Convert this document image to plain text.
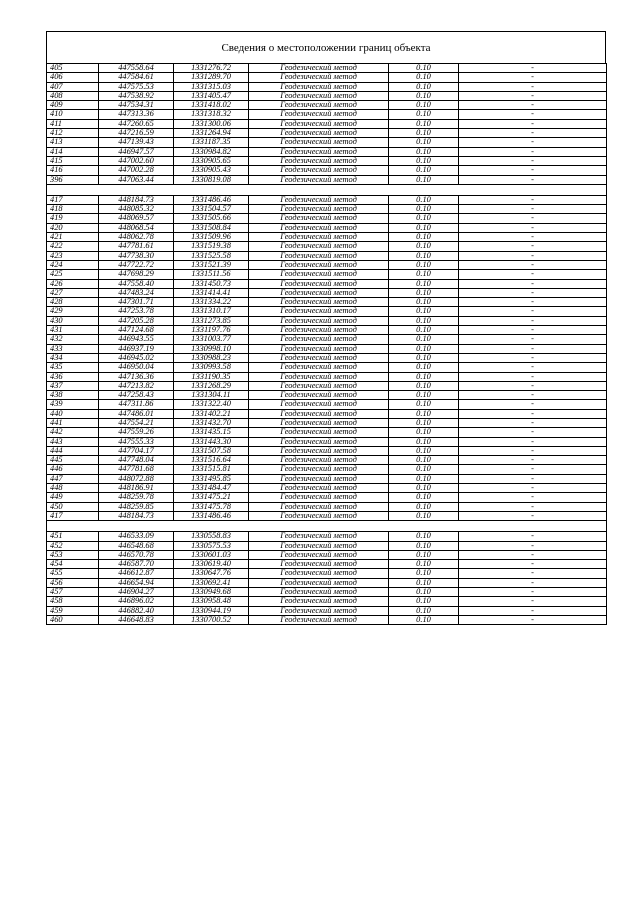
Сведения о местоположении границ объекта
405	447558.64	1331276.72	Геодезический метод	0.10	-
406	447584.61	1331289.70	Геодезический метод	0.10	-
407	447575.53	1331315.03	Геодезический метод	0.10	-
408	447538.92	1331405.47	Геодезический метод	0.10	-
409	447534.31	1331418.02	Геодезический метод	0.10	-
410	447313.36	1331318.32	Геодезический метод	0.10	-
411	447260.65	1331300.06	Геодезический метод	0.10	-
412	447216.59	1331264.94	Геодезический метод	0.10	-
413	447139.43	1331187.35	Геодезический метод	0.10	-
414	446947.57	1330984.82	Геодезический метод	0.10	-
415	447002.60	1330905.65	Геодезический метод	0.10	-
416	447002.28	1330905.43	Геодезический метод	0.10	-
396	447063.44	1330819.08	Геодезический метод	0.10	-

417	448184.73	1331486.46	Геодезический метод	0.10	-
418	448085.32	1331504.57	Геодезический метод	0.10	-
419	448069.57	1331505.66	Геодезический метод	0.10	-
420	448068.54	1331508.84	Геодезический метод	0.10	-
421	448062.78	1331509.96	Геодезический метод	0.10	-
422	447781.61	1331519.38	Геодезический метод	0.10	-
423	447738.30	1331525.58	Геодезический метод	0.10	-
424	447722.72	1331521.39	Геодезический метод	0.10	-
425	447698.29	1331511.56	Геодезический метод	0.10	-
426	447558.40	1331450.73	Геодезический метод	0.10	-
427	447483.24	1331414.41	Геодезический метод	0.10	-
428	447301.71	1331334.22	Геодезический метод	0.10	-
429	447253.78	1331310.17	Геодезический метод	0.10	-
430	447205.28	1331273.85	Геодезический метод	0.10	-
431	447124.68	1331197.76	Геодезический метод	0.10	-
432	446943.55	1331003.77	Геодезический метод	0.10	-
433	446937.19	1330998.10	Геодезический метод	0.10	-
434	446945.02	1330988.23	Геодезический метод	0.10	-
435	446950.04	1330993.58	Геодезический метод	0.10	-
436	447136.36	1331190.35	Геодезический метод	0.10	-
437	447213.82	1331268.29	Геодезический метод	0.10	-
438	447258.43	1331304.11	Геодезический метод	0.10	-
439	447311.86	1331322.40	Геодезический метод	0.10	-
440	447486.01	1331402.21	Геодезический метод	0.10	-
441	447554.21	1331432.70	Геодезический метод	0.10	-
442	447559.26	1331435.15	Геодезический метод	0.10	-
443	447555.33	1331443.30	Геодезический метод	0.10	-
444	447704.17	1331507.58	Геодезический метод	0.10	-
445	447748.04	1331516.64	Геодезический метод	0.10	-
446	447781.68	1331515.81	Геодезический метод	0.10	-
447	448072.88	1331495.85	Геодезический метод	0.10	-
448	448186.91	1331484.47	Геодезический метод	0.10	-
449	448259.78	1331475.21	Геодезический метод	0.10	-
450	448259.85	1331475.78	Геодезический метод	0.10	-
417	448184.73	1331486.46	Геодезический метод	0.10	-

451	446533.09	1330558.83	Геодезический метод	0.10	-
452	446548.68	1330575.53	Геодезический метод	0.10	-
453	446570.78	1330601.03	Геодезический метод	0.10	-
454	446587.70	1330619.40	Геодезический метод	0.10	-
455	446612.87	1330647.76	Геодезический метод	0.10	-
456	446654.94	1330692.41	Геодезический метод	0.10	-
457	446904.27	1330949.68	Геодезический метод	0.10	-
458	446896.02	1330958.48	Геодезический метод	0.10	-
459	446882.40	1330944.19	Геодезический метод	0.10	-
460	446648.83	1330700.52	Геодезический метод	0.10	-
